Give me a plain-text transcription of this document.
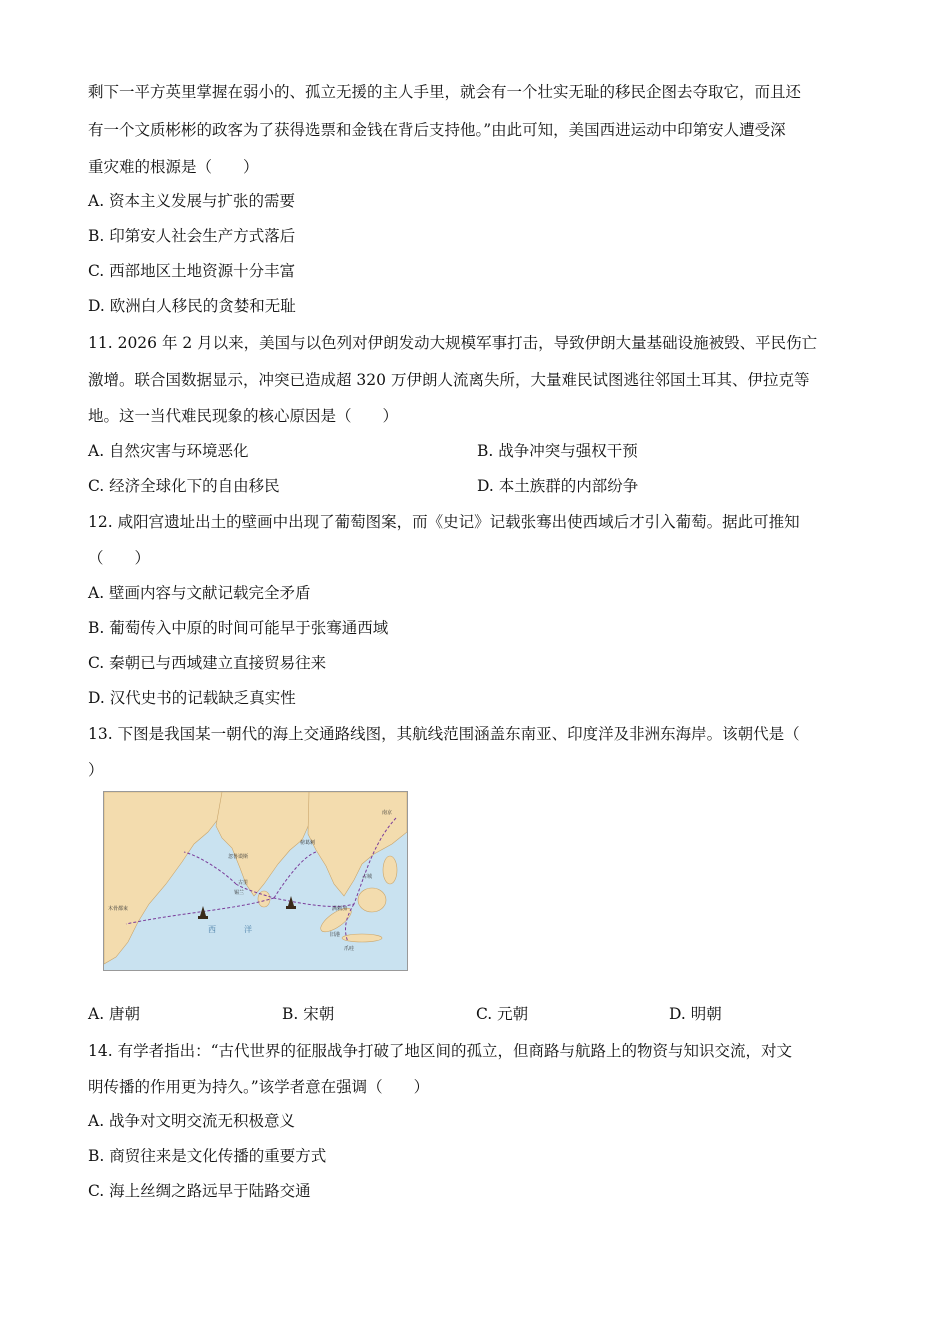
剩下一平方英里掌握在弱小的、孤立无援的主人手里，就会有一个壮实无耻的移民企图去夺取它，而且还
有一个文质彬彬的政客为了获得选票和金钱在背后支持他。”由此可知，美国西进运动中印第安人遭受深
重灾难的根源是（　　）
A. 资本主义发展与扩张的需要
B. 印第安人社会生产方式落后
C. 西部地区土地资源十分丰富
D. 欧洲白人移民的贪婪和无耻
11. 2026 年 2 月以来，美国与以色列对伊朗发动大规模军事打击，导致伊朗大量基础设施被毁、平民伤亡
激增。联合国数据显示，冲突已造成超 320 万伊朗人流离失所，大量难民试图逃往邻国土耳其、伊拉克等
地。这一当代难民现象的核心原因是（　　）
A. 自然灾害与环境恶化	B. 战争冲突与强权干预
C. 经济全球化下的自由移民	D. 本土族群的内部纷争
12. 咸阳宫遗址出土的壁画中出现了葡萄图案，而《史记》记载张骞出使西域后才引入葡萄。据此可推知
（　　）
A. 壁画内容与文献记载完全矛盾
B. 葡萄传入中原的时间可能早于张骞通西域
C. 秦朝已与西域建立直接贸易往来
D. 汉代史书的记载缺乏真实性
13. 下图是我国某一朝代的海上交通路线图，其航线范围涵盖东南亚、印度洋及非洲东海岸。该朝代是（
）
忽鲁谟斯
木骨都束
古里
锡兰
榜葛剌
满剌加
旧港
爪哇
南京
占城
西	洋
A. 唐朝	B. 宋朝	C. 元朝	D. 明朝
14. 有学者指出：“古代世界的征服战争打破了地区间的孤立，但商路与航路上的物资与知识交流，对文
明传播的作用更为持久。”该学者意在强调（　　）
A. 战争对文明交流无积极意义
B. 商贸往来是文化传播的重要方式
C. 海上丝绸之路远早于陆路交通
